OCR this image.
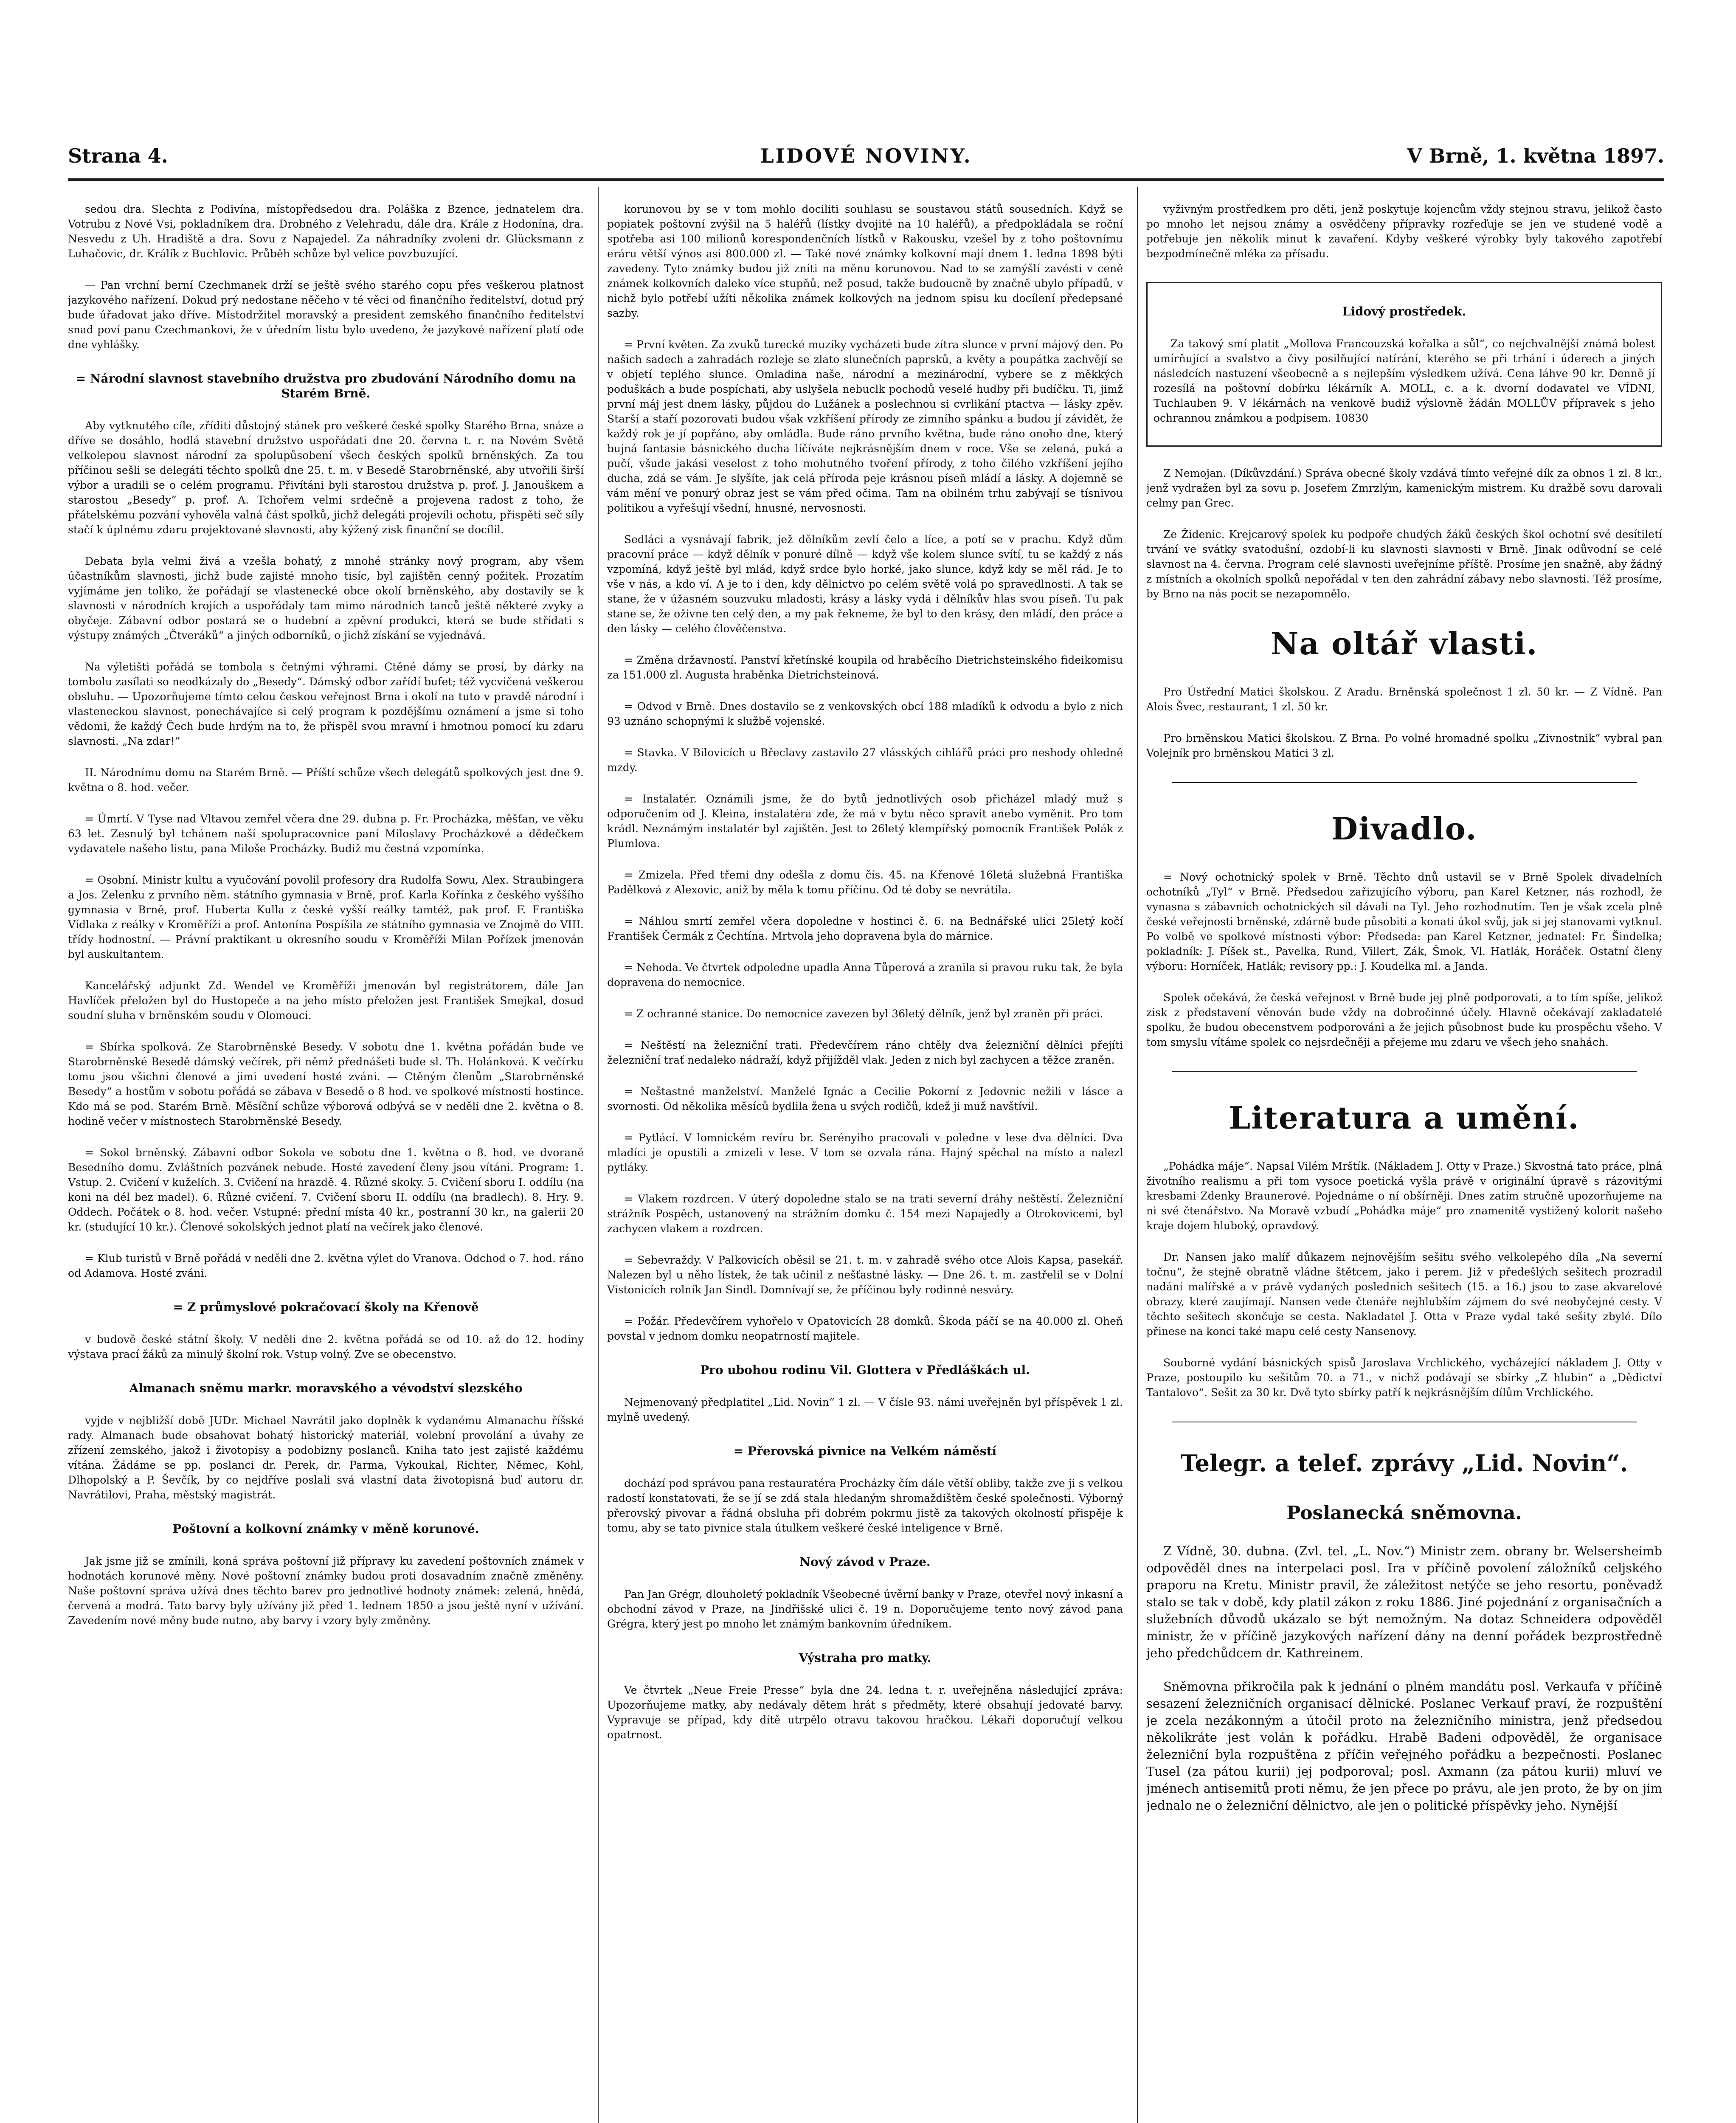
Strana 4.	LIDOVÉ NOVINY.	V Brně, 1. května 1897.

sedou dra. Slechta z Podivína, místopředsedou dra. Poláška z Bzence, jednatelem dra. Votrubu z Nové Vsi, pokladníkem dra. Drobného z Velehradu, dále dra. Krále z Hodonína, dra. Nesvedu z Uh. Hradiště a dra. Sovu z Napajedel. Za náhradníky zvoleni dr. Glücksmann z Luhačovic, dr. Králík z Buchlovic. Průběh schůze byl velice povzbuzující.

— Pan vrchní berní Czechmanek drží se ještě svého starého copu přes veškerou platnost jazykového nařízení. Dokud prý nedostane něčeho v té věci od finančního ředitelství, dotud prý bude úřadovat jako dříve. Místodržitel moravský a president zemského finančního ředitelství snad poví panu Czechmankovi, že v úředním listu bylo uvedeno, že jazykové nařízení platí ode dne vyhlášky.

= Národní slavnost stavebního družstva pro zbudování Národního domu na Starém Brně.

Aby vytknutého cíle, zříditi důstojný stánek pro veškeré české spolky Starého Brna, snáze a dříve se dosáhlo, hodlá stavební družstvo uspořádati dne 20. června t. r. na Novém Světě velkolepou slavnost národní za spolupůsobení všech českých spolků brněnských. Za tou příčinou sešli se delegáti těchto spolků dne 25. t. m. v Besedě Starobrněnské, aby utvořili širší výbor a uradili se o celém programu. Přivítáni byli starostou družstva p. prof. J. Janouškem a starostou „Besedy“ p. prof. A. Tchořem velmi srdečně a projevena radost z toho, že přátelskému pozvání vyhověla valná část spolků, jichž delegáti projevili ochotu, přispěti seč síly stačí k úplnému zdaru projektované slavnosti, aby kýžený zisk finanční se docílil.

Debata byla velmi živá a vzešla bohatý, z mnohé stránky nový program, aby všem účastníkům slavnosti, jichž bude zajisté mnoho tisíc, byl zajištěn cenný požitek. Prozatím vyjímáme jen toliko, že pořádají se vlastenecké obce okolí brněnského, aby dostavily se k slavnosti v národních krojích a uspořádaly tam mimo národních tanců ještě některé zvyky a obyčeje. Zábavní odbor postará se o hudební a zpěvní produkci, která se bude střídati s výstupy známých „Čtveráků“ a jiných odborníků, o jichž získání se vyjednává.

Na výletišti pořádá se tombola s četnými výhrami. Ctěné dámy se prosí, by dárky na tombolu zasílati so neodkázaly do „Besedy“. Dámský odbor zařídí bufet; též vycvičená veškerou obsluhu. — Upozorňujeme tímto celou českou veřejnost Brna i okolí na tuto v pravdě národní i vlasteneckou slavnost, ponechávajíce si celý program k pozdějšímu oznámení a jsme si toho vědomi, že každý Čech bude hrdým na to, že přispěl svou mravní i hmotnou pomocí ku zdaru slavnosti. „Na zdar!“

II. Národnímu domu na Starém Brně. — Příští schůze všech delegátů spolkových jest dne 9. května o 8. hod. večer.

= Úmrtí. V Tyse nad Vltavou zemřel včera dne 29. dubna p. Fr. Procházka, měšťan, ve věku 63 let. Zesnulý byl tchánem naší spolupracovnice paní Miloslavy Procházkové a dědečkem vydavatele našeho listu, pana Miloše Procházky. Budiž mu čestná vzpomínka.

= Osobní. Ministr kultu a vyučování povolil profesory dra Rudolfa Sowu, Alex. Straubingera a Jos. Zelenku z prvního něm. státního gymnasia v Brně, prof. Karla Kořínka z českého vyššího gymnasia v Brně, prof. Huberta Kulla z české vyšší reálky tamtéž, pak prof. F. Františka Vídlaka z reálky v Kroměříži a prof. Antonína Pospíšila ze státního gymnasia ve Znojmě do VIII. třídy hodnostní. — Právní praktikant u okresního soudu v Kroměříži Milan Pořízek jmenován byl auskultantem.

Kancelářský adjunkt Zd. Wendel ve Kroměříži jmenován byl registrátorem, dále Jan Havlíček přeložen byl do Hustopeče a na jeho místo přeložen jest František Smejkal, dosud soudní sluha v brněnském soudu v Olomouci.

= Sbírka spolková. Ze Starobrněnské Besedy. V sobotu dne 1. května pořádán bude ve Starobrněnské Besedě dámský večírek, při němž přednášeti bude sl. Th. Holánková. K večírku tomu jsou všichni členové a jimi uvedení hosté zváni. — Ctěným členům „Starobrněnské Besedy“ a hostům v sobotu pořádá se zábava v Besedě o 8 hod. ve spolkové místnosti hostince. Kdo má se pod. Starém Brně. Měsíční schůze výborová odbývá se v neděli dne 2. května o 8. hodině večer v místnostech Starobrněnské Besedy.

= Sokol brněnský. Zábavní odbor Sokola ve sobotu dne 1. května o 8. hod. ve dvoraně Besedního domu. Zvláštních pozvánek nebude. Hosté zavedení členy jsou vítáni. Program: 1. Vstup. 2. Cvičení v kuželích. 3. Cvičení na hrazdě. 4. Různé skoky. 5. Cvičení sboru I. oddílu (na koni na dél bez madel). 6. Různé cvičení. 7. Cvičení sboru II. oddílu (na bradlech). 8. Hry. 9. Oddech. Počátek o 8. hod. večer. Vstupné: přední místa 40 kr., postranní 30 kr., na galerii 20 kr. (studující 10 kr.). Členové sokolských jednot platí na večírek jako členové.

= Klub turistů v Brně pořádá v neděli dne 2. května výlet do Vranova. Odchod o 7. hod. ráno od Adamova. Hosté zváni.

= Z průmyslové pokračovací školy na Křenově

v budově české státní školy. V neděli dne 2. května pořádá se od 10. až do 12. hodiny výstava prací žáků za minulý školní rok. Vstup volný. Zve se obecenstvo.

Almanach sněmu markr. moravského a vévodství slezského

vyjde v nejbližší době JUDr. Michael Navrátil jako doplněk k vydanému Almanachu říšské rady. Almanach bude obsahovat bohatý historický materiál, volební provolání a úvahy ze zřízení zemského, jakož i životopisy a podobizny poslanců. Kniha tato jest zajisté každému vítána. Žádáme se pp. poslanci dr. Perek, dr. Parma, Vykoukal, Richter, Němec, Kohl, Dlhopolský a P. Ševčík, by co nejdříve poslali svá vlastní data životopisná buď autoru dr. Navrátilovi, Praha, městský magistrát.

Poštovní a kolkovní známky v měně korunové.

Jak jsme již se zmínili, koná správa poštovní již přípravy ku zavedení poštovních známek v hodnotách korunové měny. Nové poštovní známky budou proti dosavadním značně změněny. Naše poštovní správa užívá dnes těchto barev pro jednotlivé hodnoty známek: zelená, hnědá, červená a modrá. Tato barvy byly užívány již před 1. lednem 1850 a jsou ještě nyní v užívání. Zavedením nové měny bude nutno, aby barvy i vzory byly změněny.

korunovou by se v tom mohlo dociliti souhlasu se soustavou států sousedních. Když se popiatek poštovní zvýšil na 5 haléřů (lístky dvojité na 10 haléřů), a předpokládala se roční spotřeba asi 100 milionů korespondenčních lístků v Rakousku, vzešel by z toho poštovnímu eráru větší výnos asi 800.000 zl. — Také nové známky kolkovní mají dnem 1. ledna 1898 býti zavedeny. Tyto známky budou již zníti na měnu korunovou. Nad to se zamýšlí zavésti v ceně známek kolkovních daleko více stupňů, než posud, takže budoucně by značně ubylo případů, v nichž bylo potřebí užíti několika známek kolkových na jednom spisu ku docílení předepsané sazby.

= První květen. Za zvuků turecké muziky vycházeti bude zítra slunce v první májový den. Po našich sadech a zahradách rozleje se zlato slunečních paprsků, a květy a poupátka zachvějí se v objetí teplého slunce. Omladina naše, národní a mezinárodní, vybere se z měkkých poduškách a bude pospíchati, aby uslyšela nebuclk pochodů veselé hudby při budíčku. Ti, jimž první máj jest dnem lásky, půjdou do Lužánek a poslechnou si cvrlikání ptactva — lásky zpěv. Starší a staří pozorovati budou však vzkříšení přírody ze zimního spánku a budou jí závidět, že každý rok je jí popřáno, aby omládla. Bude ráno prvního května, bude ráno onoho dne, který bujná fantasie básnického ducha líčíváte nejkrásnějším dnem v roce. Vše se zelená, puká a pučí, všude jakási veselost z toho mohutného tvoření přírody, z toho čilého vzkříšení jejího ducha, zdá se vám. Je slyšíte, jak celá příroda peje krásnou píseň mládí a lásky. A dojemně se vám mění ve ponurý obraz jest se vám před očima. Tam na obilném trhu zabývají se tísnivou politikou a vyřešují všední, hnusné, nervosnosti.

Sedláci a vysnávají fabrik, jež dělníkům zevlí čelo a líce, a potí se v prachu. Když dům pracovní práce — když dělník v ponuré dílně — když vše kolem slunce svítí, tu se každý z nás vzpomíná, když ještě byl mlád, když srdce bylo horké, jako slunce, když kdy se měl rád. Je to vše v nás, a kdo ví. A je to i den, kdy dělnictvo po celém světě volá po spravedlnosti. A tak se stane, že v úžasném souzvuku mladosti, krásy a lásky vydá i dělníkův hlas svou píseň. Tu pak stane se, že oživne ten celý den, a my pak řekneme, že byl to den krásy, den mládí, den práce a den lásky — celého člověčenstva.

= Změna državností. Panství křetínské koupila od hraběcího Dietrichsteinského fideikomisu za 151.000 zl. Augusta hraběnka Dietrichsteinová.

= Odvod v Brně. Dnes dostavilo se z venkovských obcí 188 mladíků k odvodu a bylo z nich 93 uznáno schopnými k službě vojenské.

= Stavka. V Bilovicích u Břeclavy zastavilo 27 vlásských cihlářů práci pro neshody ohledně mzdy.

= Instalatér. Oznámili jsme, že do bytů jednotlivých osob přicházel mladý muž s odporučením od J. Kleina, instalatéra zde, že má v bytu něco spravit anebo vyměnit. Pro tom krádl. Neznámým instalatér byl zajištěn. Jest to 26letý klempířský pomocník František Polák z Plumlova.

= Zmizela. Před třemi dny odešla z domu čís. 45. na Křenové 16letá služebná Františka Padělková z Alexovic, aniž by měla k tomu příčinu. Od té doby se nevrátila.

= Náhlou smrtí zemřel včera dopoledne v hostinci č. 6. na Bednářské ulici 25letý kočí František Čermák z Čechtína. Mrtvola jeho dopravena byla do márnice.

= Nehoda. Ve čtvrtek odpoledne upadla Anna Tůperová a zranila si pravou ruku tak, že byla dopravena do nemocnice.

= Z ochranné stanice. Do nemocnice zavezen byl 36letý dělník, jenž byl zraněn při práci.

= Neštěstí na železniční trati. Předevčírem ráno chtěly dva železniční dělníci přejíti železniční trať nedaleko nádraží, když přijížděl vlak. Jeden z nich byl zachycen a těžce zraněn.

= Neštastné manželství. Manželé Ignác a Cecilie Pokorní z Jedovnic nežili v lásce a svornosti. Od několika měsíců bydlila žena u svých rodičů, kdež ji muž navštívil.

= Pytlácí. V lomnickém revíru br. Serényiho pracovali v poledne v lese dva dělníci. Dva mladíci je opustili a zmizeli v lese. V tom se ozvala rána. Hajný spěchal na místo a nalezl pytláky.

= Vlakem rozdrcen. V úterý dopoledne stalo se na trati severní dráhy neštěstí. Železniční strážník Pospěch, ustanovený na strážním domku č. 154 mezi Napajedly a Otrokovicemi, byl zachycen vlakem a rozdrcen.

= Sebevraždy. V Palkovicích oběsil se 21. t. m. v zahradě svého otce Alois Kapsa, pasekář. Nalezen byl u něho lístek, že tak učinil z nešťastné lásky. — Dne 26. t. m. zastřelil se v Dolní Vistonicích rolník Jan Sindl. Domnívají se, že příčinou byly rodinné nesváry.

= Požár. Předevčírem vyhořelo v Opatovicích 28 domků. Škoda páčí se na 40.000 zl. Oheň povstal v jednom domku neopatrností majitele.

Pro ubohou rodinu Vil. Glottera v Předláškách ul.

Nejmenovaný předplatitel „Lid. Novin“ 1 zl. — V čísle 93. námi uveřejněn byl příspěvek 1 zl. mylně uvedený.

= Přerovská pivnice na Velkém náměstí

dochází pod správou pana restauratéra Procházky čím dále větší obliby, takže zve ji s velkou radostí konstatovati, že se jí se zdá stala hledaným shromaždištěm české společnosti. Výborný přerovský pivovar a řádná obsluha při dobrém pokrmu jistě za takových okolností přispěje k tomu, aby se tato pivnice stala útulkem veškeré české inteligence v Brně.

Nový závod v Praze.

Pan Jan Grégr, dlouholetý pokladník Všeobecné úvěrní banky v Praze, otevřel nový inkasní a obchodní závod v Praze, na Jindřišské ulici č. 19 n. Doporučujeme tento nový závod pana Grégra, který jest po mnoho let známým bankovním úředníkem.

Výstraha pro matky.

Ve čtvrtek „Neue Freie Presse“ byla dne 24. ledna t. r. uveřejněna následující zpráva: Upozorňujeme matky, aby nedávaly dětem hrát s předměty, které obsahují jedovaté barvy. Vypravuje se případ, kdy dítě utrpělo otravu takovou hračkou. Lékaři doporučují velkou opatrnost.

vyživným prostředkem pro děti, jenž poskytuje kojencům vždy stejnou stravu, jelikož často po mnoho let nejsou známy a osvědčeny přípravky rozřeďuje se jen ve studené vodě a potřebuje jen několik minut k zavaření. Kdyby veškeré výrobky byly takového zapotřebí bezpodmínečně mléka za přísadu.

Lidový prostředek.

Za takový smí platit „Mollova Francouzská kořalka a sůl“, co nejchvalnější známá bolest umírňující a svalstvo a čivy posilňující natírání, kterého se při trhání i úderech a jiných následcích nastuzení všeobecně a s nejlepším výsledkem užívá. Cena láhve 90 kr. Denně jí rozesílá na poštovní dobírku lékárník A. MOLL, c. a k. dvorní dodavatel ve VÍDNI, Tuchlauben 9. V lékárnách na venkově budiž výslovně žádán MOLLŮV přípravek s jeho ochrannou známkou a podpisem. 10830

Z Nemojan. (Díkůvzdání.) Správa obecné školy vzdává tímto veřejné dík za obnos 1 zl. 8 kr., jenž vydražen byl za sovu p. Josefem Zmrzlým, kamenickým mistrem. Ku dražbě sovu darovali celmy pan Grec.

Ze Židenic. Krejcarový spolek ku podpoře chudých žáků českých škol ochotní své desítiletí trvání ve svátky svatodušní, ozdobí-li ku slavnosti slavnosti v Brně. Jinak odůvodní se celé slavnost na 4. června. Program celé slavnosti uveřejníme příště. Prosíme jen snažně, aby žádný z místních a okolních spolků nepořádal v ten den zahrádní zábavy nebo slavnosti. Též prosíme, by Brno na nás pocit se nezapomnělo.

Na oltář vlasti.

Pro Ústřední Matici školskou. Z Aradu. Brněnská společnost 1 zl. 50 kr. — Z Vídně. Pan Alois Švec, restaurant, 1 zl. 50 kr.

Pro brněnskou Matici školskou. Z Brna. Po volné hromadné spolku „Zivnostnik“ vybral pan Volejník pro brněnskou Matici 3 zl.

Divadlo.

= Nový ochotnický spolek v Brně. Těchto dnů ustavil se v Brně Spolek divadelních ochotníků „Tyl“ v Brně. Předsedou zařizujícího výboru, pan Karel Ketzner, nás rozhodl, že vynasna s zábavních ochotnických sil dávali na Tyl. Jeho rozhodnutím. Ten je však zcela plně české veřejnosti brněnské, zdárně bude působiti a konati úkol svůj, jak si jej stanovami vytknul. Po volbě ve spolkové místnosti výbor: Předseda: pan Karel Ketzner, jednatel: Fr. Šindelka; pokladník: J. Píšek st., Pavelka, Rund, Villert, Zák, Šmok, Vl. Hatlák, Horáček. Ostatní členy výboru: Horníček, Hatlák; revisory pp.: J. Koudelka ml. a Janda.

Spolek očekává, že česká veřejnost v Brně bude jej plně podporovati, a to tím spíše, jelikož zisk z představení věnován bude vždy na dobročinné účely. Hlavně očekávají zakladatelé spolku, že budou obecenstvem podporováni a že jejich působnost bude ku prospěchu všeho. V tom smyslu vítáme spolek co nejsrdečněji a přejeme mu zdaru ve všech jeho snahách.

Literatura a umění.

„Pohádka máje“. Napsal Vilém Mrštík. (Nákladem J. Otty v Praze.) Skvostná tato práce, plná životního realismu a při tom vysoce poetická vyšla právě v originální úpravě s rázovitými kresbami Zdenky Braunerové. Pojednáme o ní obšírněji. Dnes zatím stručně upozorňujeme na ni své čtenářstvo. Na Moravě vzbudí „Pohádka máje“ pro znamenitě vystižený kolorit našeho kraje dojem hluboký, opravdový.

Dr. Nansen jako malíř důkazem nejnovějším sešitu svého velkolepého díla „Na severní točnu“, že stejně obratně vládne štětcem, jako i perem. Již v předešlých sešitech prozradil nadání malířské a v právě vydaných posledních sešitech (15. a 16.) jsou to zase akvarelové obrazy, které zaujímají. Nansen vede čtenáře nejhlubším zájmem do své neobyčejné cesty. V těchto sešitech skončuje se cesta. Nakladatel J. Otta v Praze vydal také sešity zbylé. Dílo přinese na konci také mapu celé cesty Nansenovy.

Souborné vydání básnických spisů Jaroslava Vrchlického, vycházející nákladem J. Otty v Praze, postoupilo ku sešitům 70. a 71., v nichž podávají se sbírky „Z hlubin“ a „Dědictví Tantalovo“. Sešit za 30 kr. Dvě tyto sbírky patří k nejkrásnějším dílům Vrchlického.

Telegr. a telef. zprávy „Lid. Novin“.

Poslanecká sněmovna.

Z Vídně, 30. dubna. (Zvl. tel. „L. Nov.“) Ministr zem. obrany br. Welsersheimb odpověděl dnes na interpelaci posl. Ira v příčině povolení záložníků celjského praporu na Kretu. Ministr pravil, že záležitost netýče se jeho resortu, poněvadž stalo se tak v době, kdy platil zákon z roku 1886. Jiné pojednání z organisačních a služebních důvodů ukázalo se být nemožným. Na dotaz Schneidera odpověděl ministr, že v příčině jazykových nařízení dány na denní pořádek bezprostředně jeho předchůdcem dr. Kathreinem.

Sněmovna přikročila pak k jednání o plném mandátu posl. Verkaufa v příčině sesazení železničních organisací dělnické. Poslanec Verkauf praví, že rozpuštění je zcela nezákonným a útočil proto na železničního ministra, jenž předsedou několikráte jest volán k pořádku. Hrabě Badeni odpověděl, že organisace železniční byla rozpuštěna z příčin veřejného pořádku a bezpečnosti. Poslanec Tusel (za pátou kurii) jej podporoval; posl. Axmann (za pátou kurii) mluví ve jménech antisemitů proti němu, že jen přece po právu, ale jen proto, že by on jim jednalo ne o železniční dělnictvo, ale jen o politické příspěvky jeho. Nynější
